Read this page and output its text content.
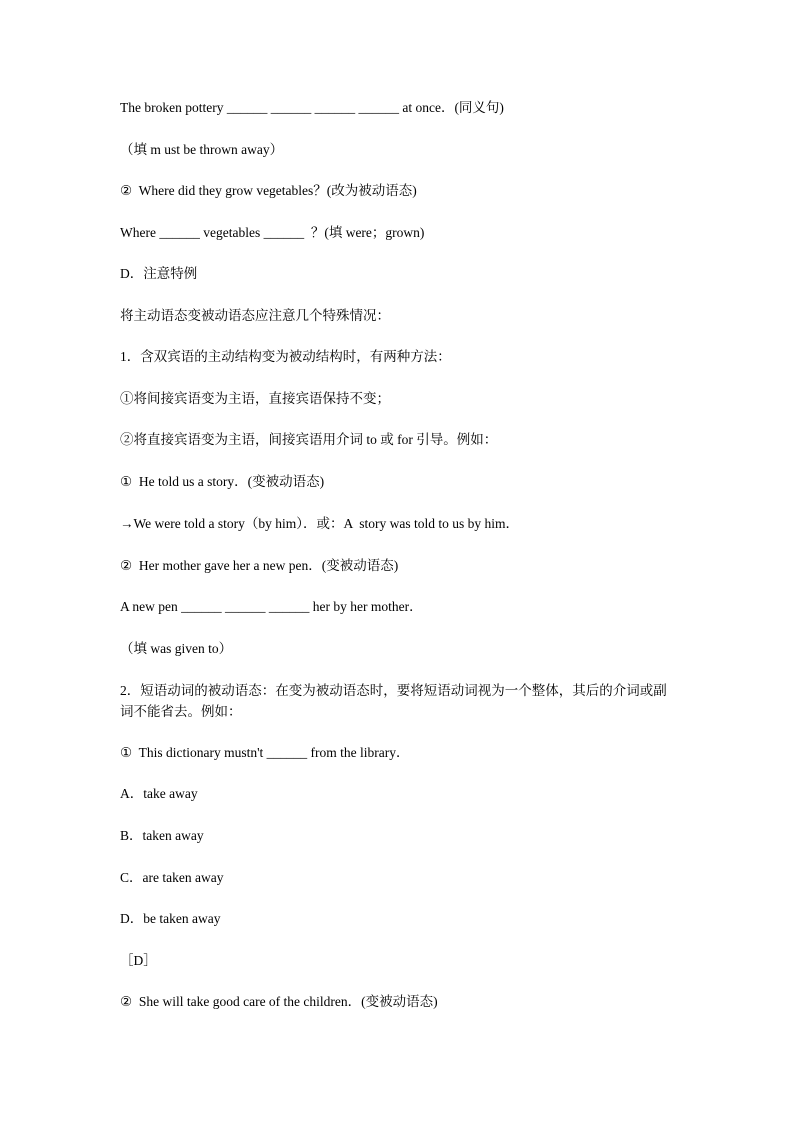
The broken pottery ______ ______ ______ ______ at once．(同义句)
（填 m ust be thrown away）
②  Where did they grow vegetables？(改为被动语态)
Where ______ vegetables ______  ？(填 were；grown)
D．注意特例
将主动语态变被动语态应注意几个特殊情况：
1．含双宾语的主动结构变为被动结构时，有两种方法：
①将间接宾语变为主语，直接宾语保持不变；
②将直接宾语变为主语，间接宾语用介词 to 或 for 引导。例如：
①  He told us a story．(变被动语态)
→We were told a story（by him）．或：A  story was told to us by him．
②  Her mother gave her a new pen．(变被动语态)
A new pen ______ ______ ______ her by her mother．
（填 was given to）
2．短语动词的被动语态：在变为被动语态时，要将短语动词视为一个整体，其后的介词或副词不能省去。例如：
①  This dictionary mustn't ______ from the library．
A．take away
B．taken away
C．are taken away
D．be taken away
［D］
②  She will take good care of the children．(变被动语态)
